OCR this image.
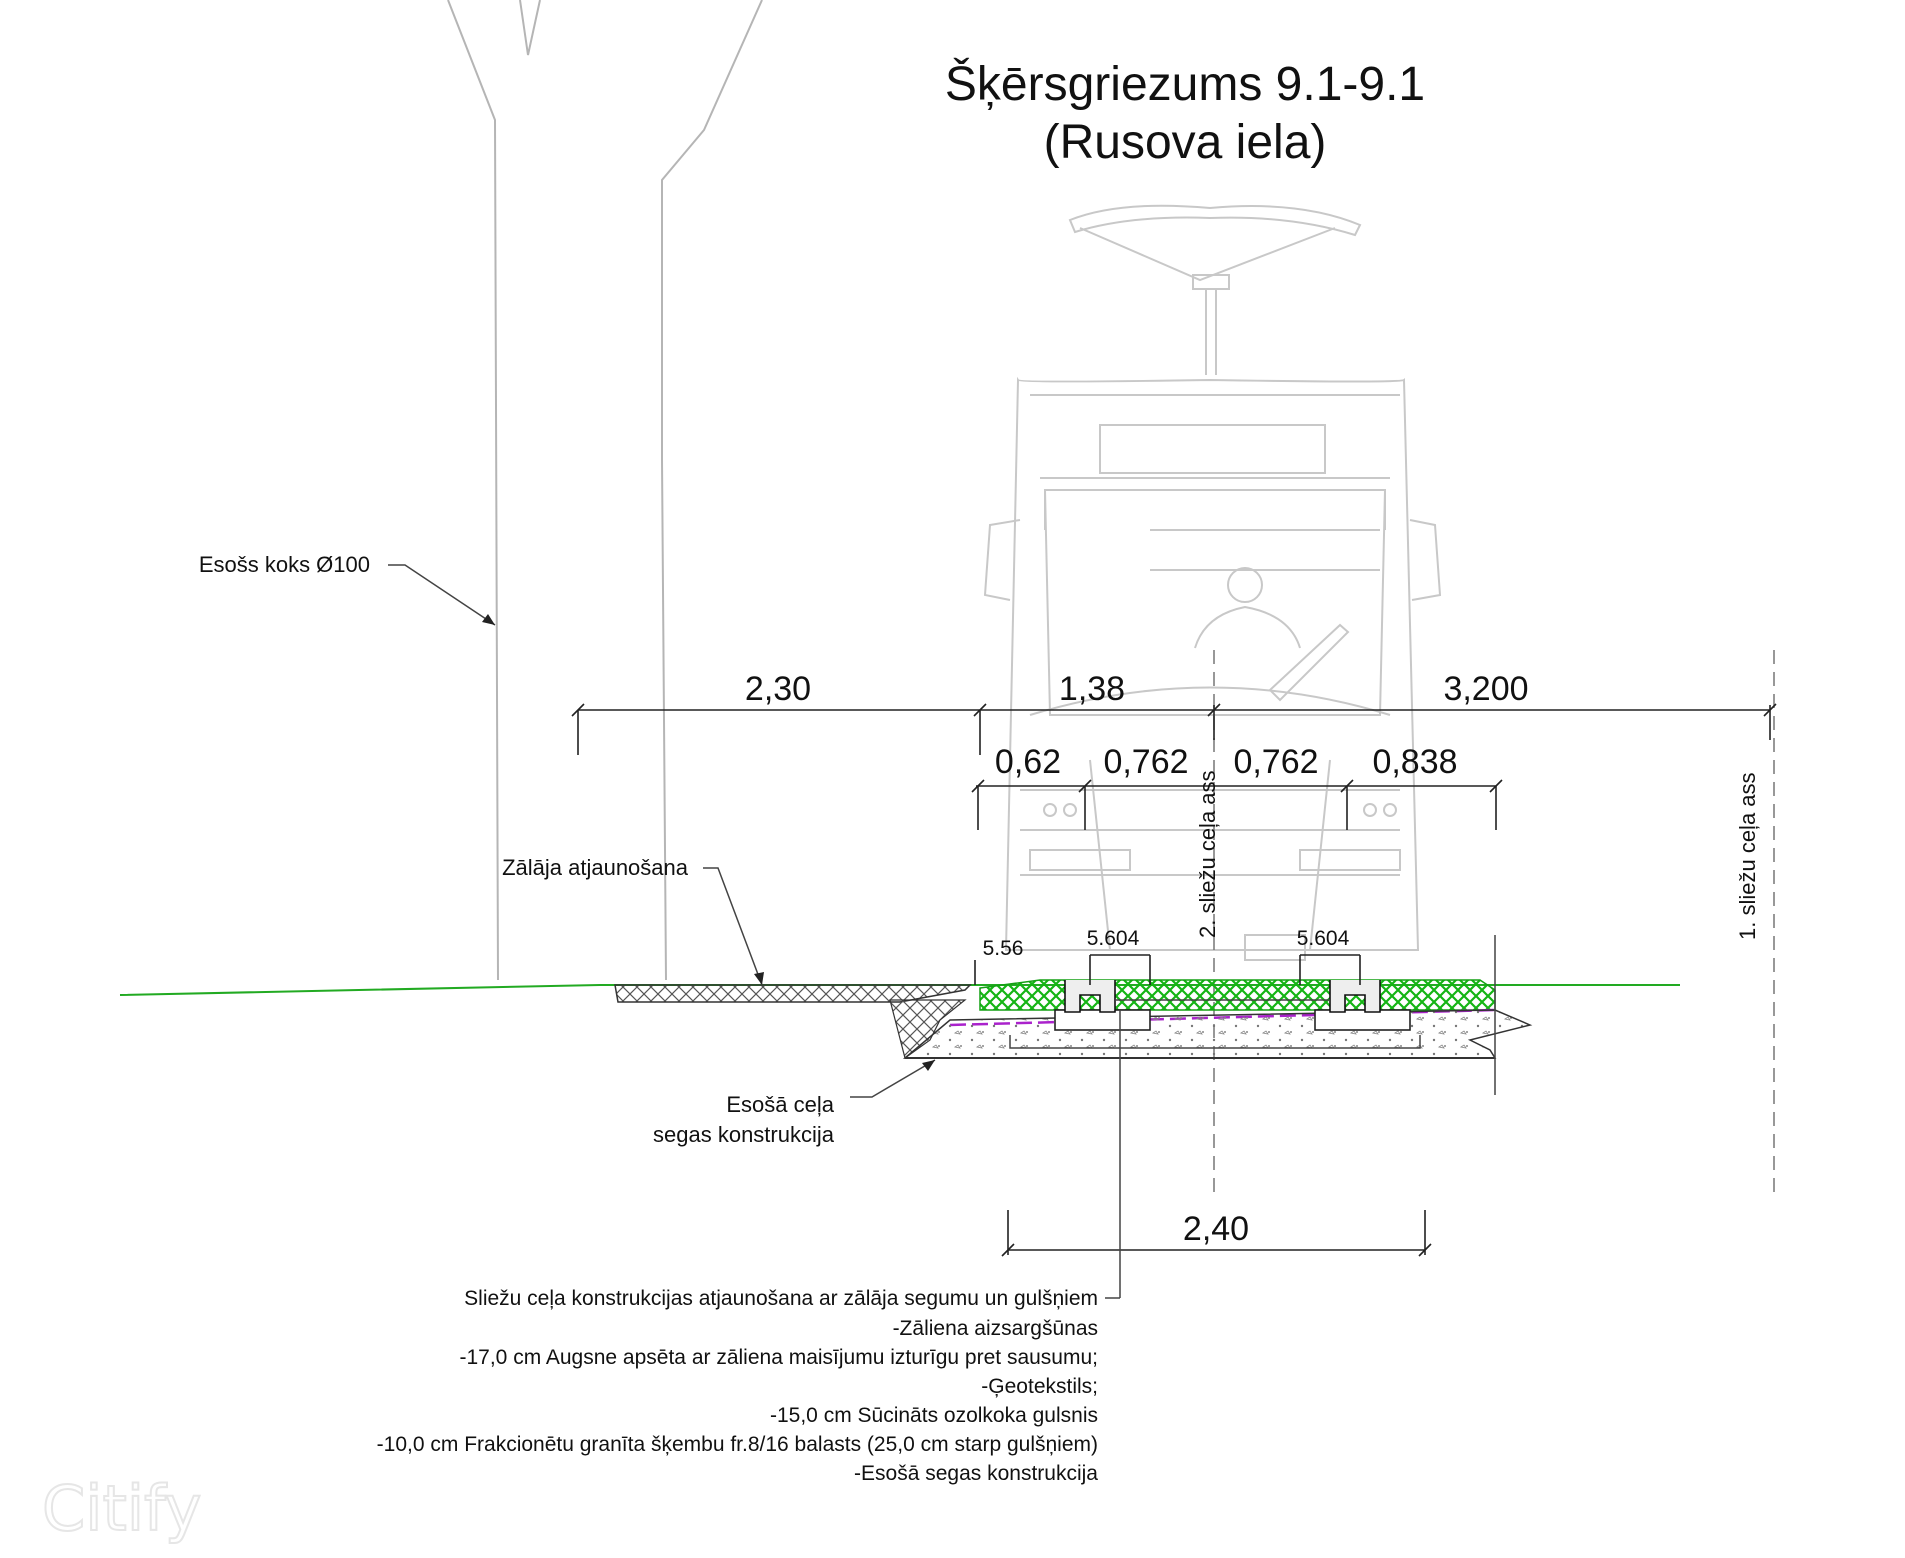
Šķērsgriezums 9.1-9.1
(Rusova iela)
2,30	1,38	3,200
0,62 0,762 0,762 0,838
5.604	5.604
5.56
2,40
2. sliežu ceļa ass	1. sliežu ceļa ass
Esošs koks Ø100
Zālāja atjaunošana
Esošā ceļa
segas konstrukcija
Sliežu ceļa konstrukcijas atjaunošana ar zālāja segumu un gulšņiem
-Zāliena aizsargšūnas
-17,0 cm Augsne apsēta ar zāliena maisījumu izturīgu pret sausumu;
-Ģeotekstils;
-15,0 cm Sūcināts ozolkoka gulsnis
-10,0 cm Frakcionētu granīta šķembu fr.8/16 balasts (25,0 cm starp gulšņiem)
-Esošā segas konstrukcija
Citify
